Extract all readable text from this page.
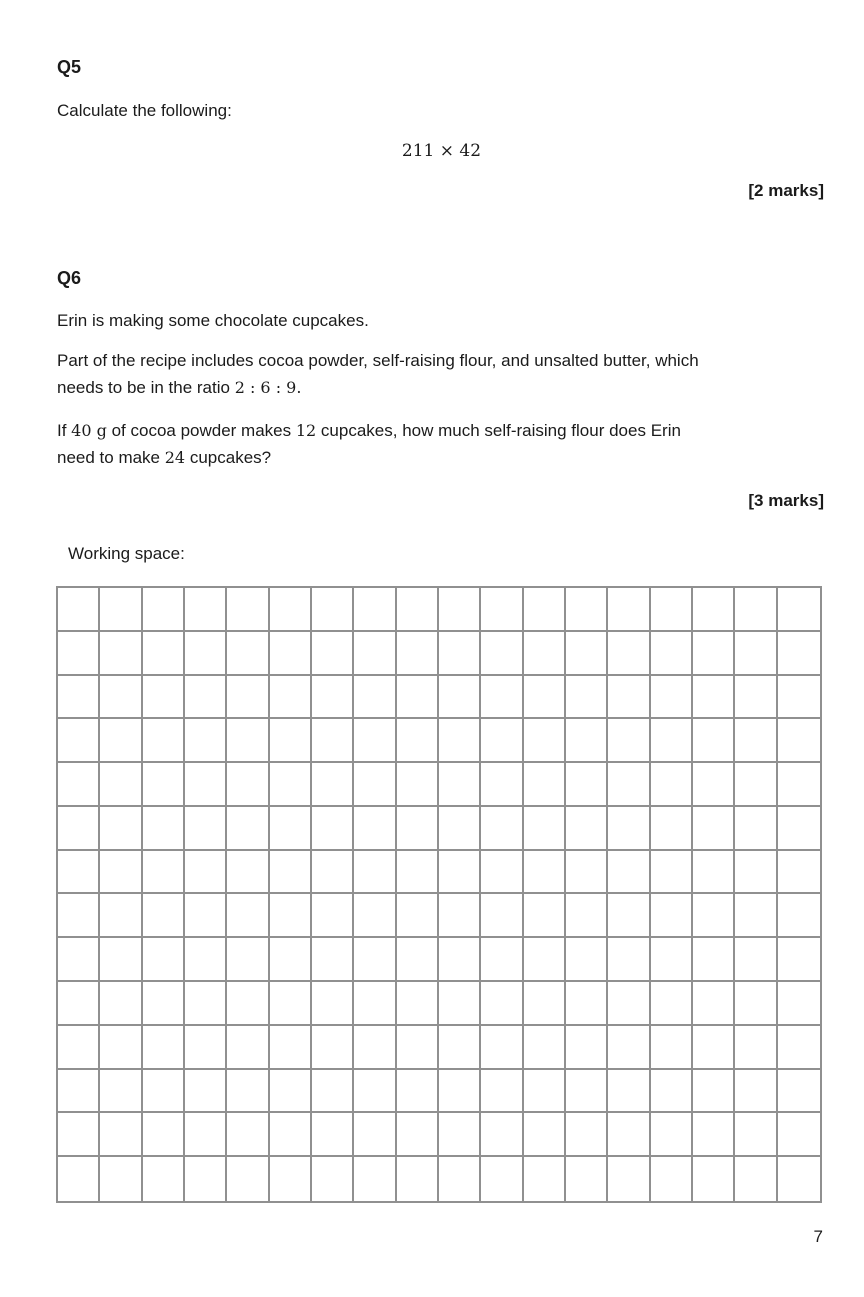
Q5
Calculate the following:
211 × 42
[2 marks]
Q6
Erin is making some chocolate cupcakes.
Part of the recipe includes cocoa powder, self-raising flour, and unsalted butter, which
needs to be in the ratio 2 : 6 : 9.
If 40 g of cocoa powder makes 12 cupcakes, how much self-raising flour does Erin
need to make 24 cupcakes?
[3 marks]
Working space:
7
